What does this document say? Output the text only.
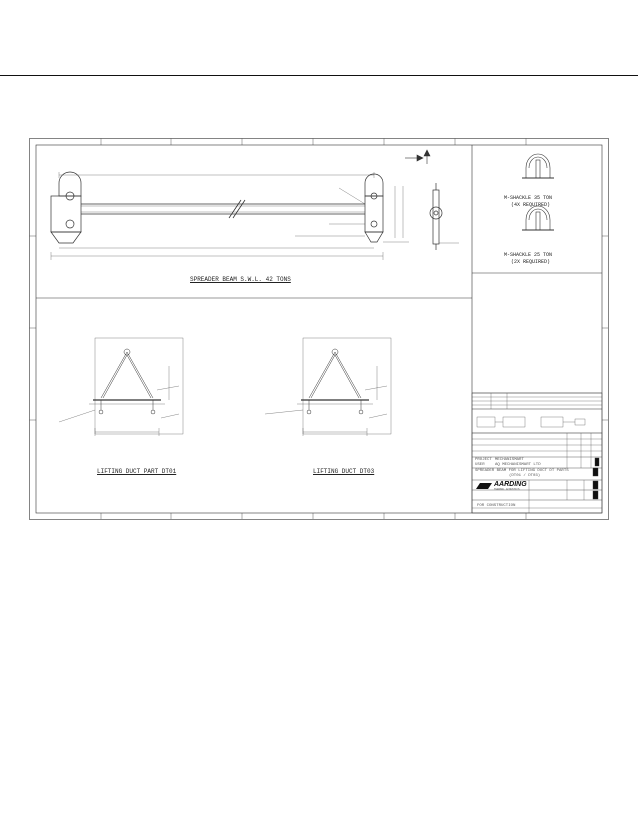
SPREADER BEAM S.W.L. 42 TONS
M-SHACKLE 35 TON
(4X REQUIRED)
M-SHACKLE 25 TON
(2X REQUIRED)
LIFTING DUCT PART DT01	LIFTING DUCT DT03
PROJECT MECHANISMART
USER	AQ MECHANISMART LTD
SPREADER BEAM FOR LIFTING DUCT DT PARTS
(DT01 / DT03)
AARDING
THERMAL ACOUSTICS
FOR CONSTRUCTION
